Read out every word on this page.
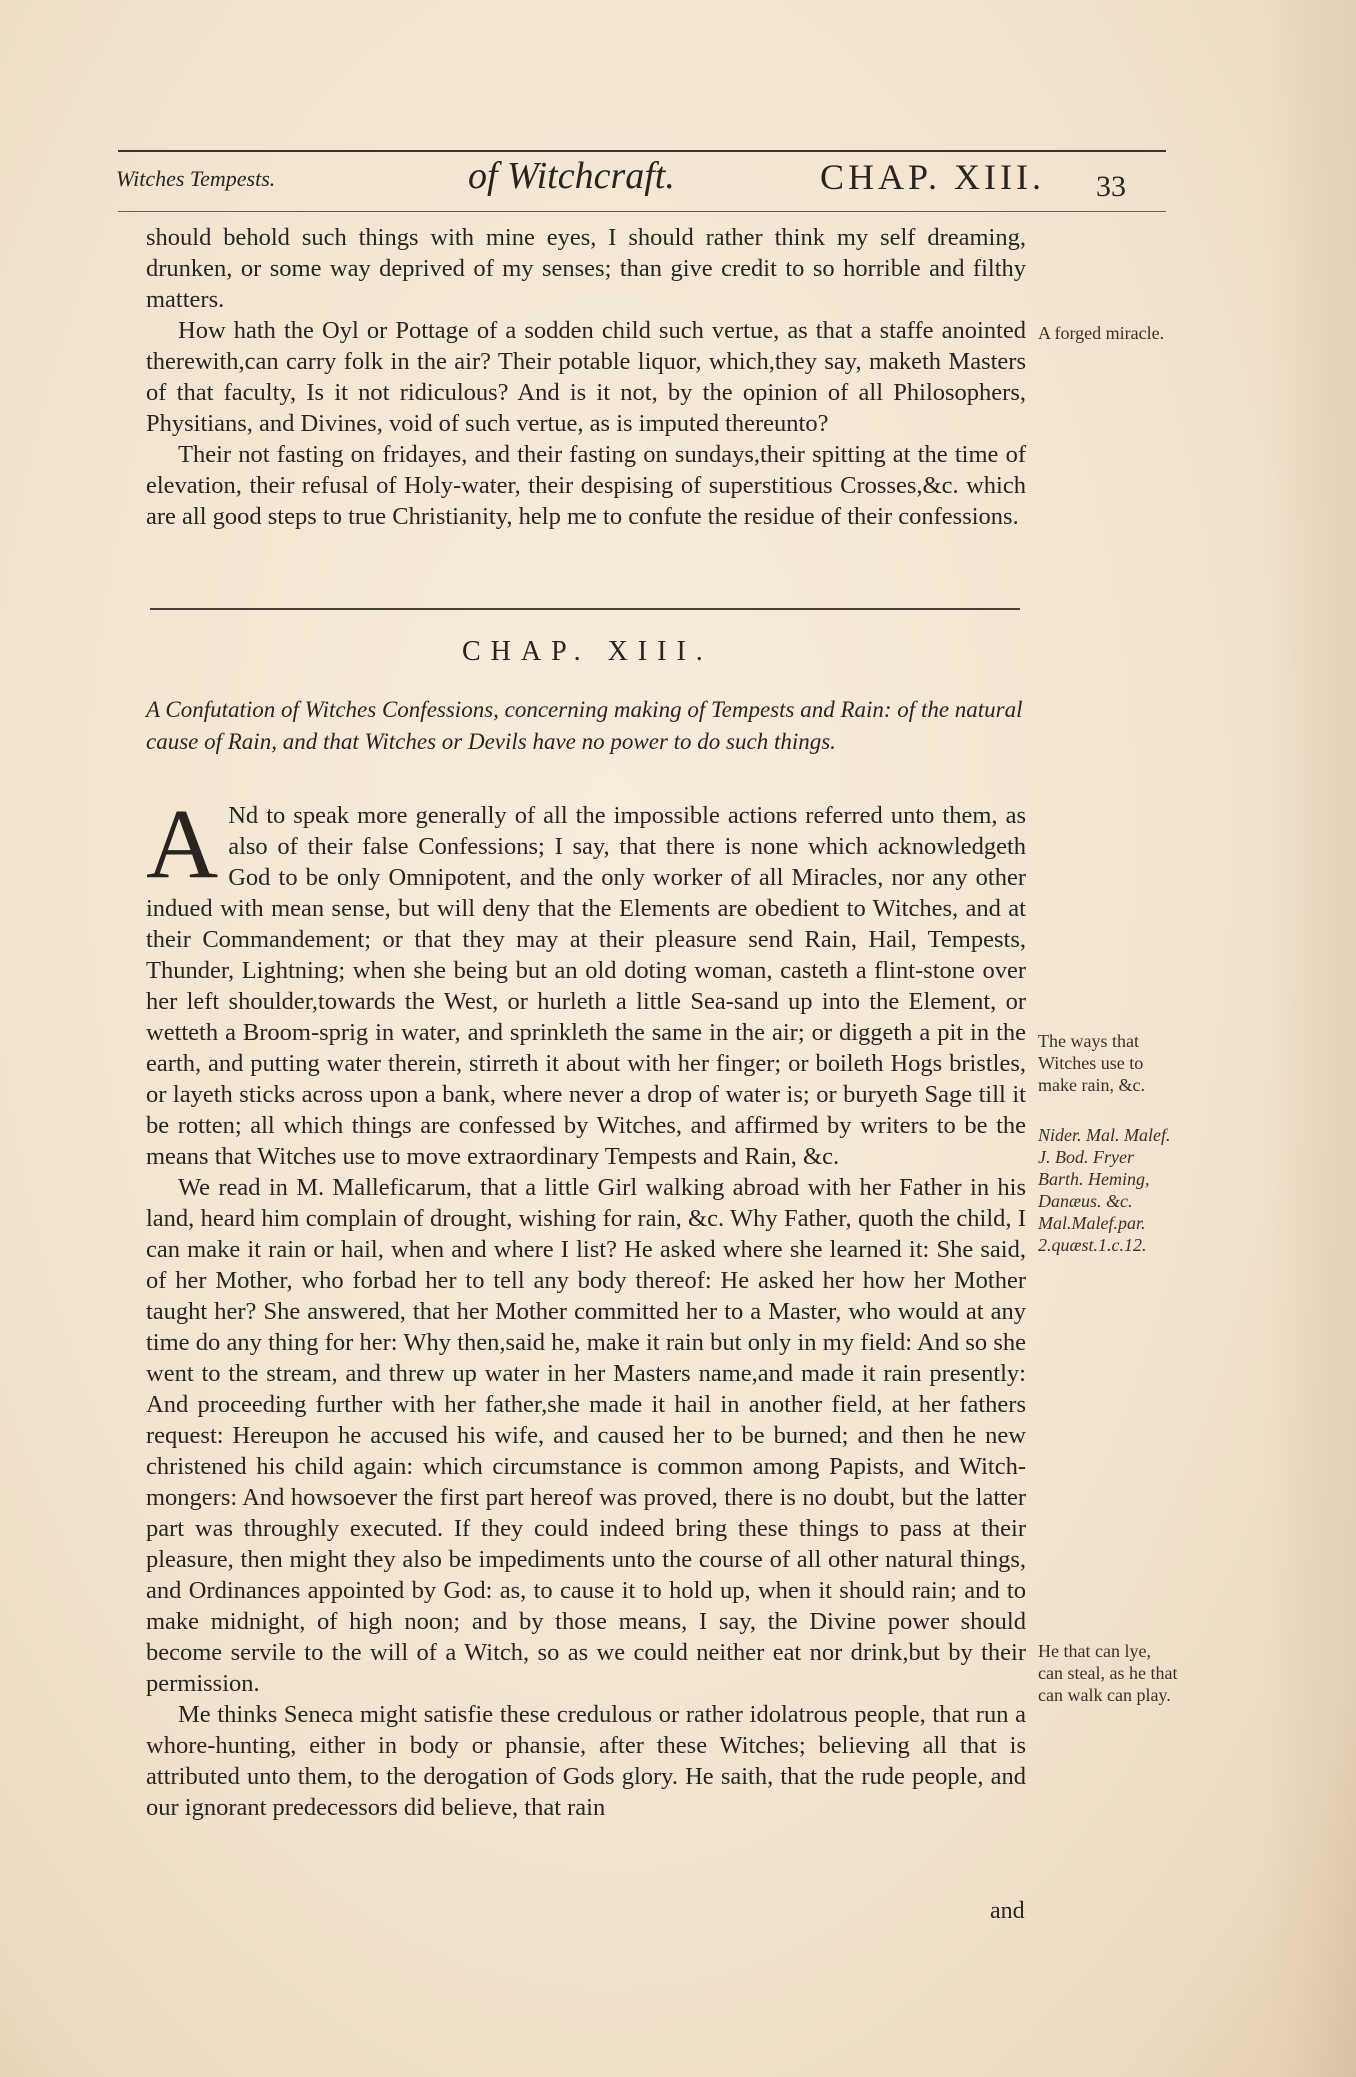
Witches Tempests.	of Witchcraft.	CHAP. XIII. 33

should behold such things with mine eyes, I should rather think my self dreaming, drunken, or some way deprived of my senses; than give credit to so horrible and filthy matters.

How hath the Oyl or Pottage of a sodden child such vertue, as that a staffe anointed therewith,can carry folk in the air? Their potable liquor, which,they say, maketh Masters of that faculty, Is it not ridiculous? And is it not, by the opinion of all Philosophers, Physitians, and Divines, void of such vertue, as is imputed thereunto?

Their not fasting on fridayes, and their fasting on sundays,their spitting at the time of elevation, their refusal of Holy-water, their despising of superstitious Crosses,&c. which are all good steps to true Christianity, help me to confute the residue of their confessions.

CHAP. XIII.
A Confutation of Witches Confessions, concerning making of Tempests and Rain: of the natural cause of Rain, and that Witches or Devils have no power to do such things.

A Nd to speak more generally of all the impossible actions referred unto them, as also of their false Confessions; I say, that there is none which acknowledgeth God to be only Omnipotent, and the only worker of all Miracles, nor any other indued with mean sense, but will deny that the Elements are obedient to Witches, and at their Commandement; or that they may at their pleasure send Rain, Hail, Tempests, Thunder, Lightning; when she being but an old doting woman, casteth a flint-stone over her left shoulder,towards the West, or hurleth a little Sea-sand up into the Element, or wetteth a Broom-sprig in water, and sprinkleth the same in the air; or diggeth a pit in the earth, and putting water therein, stirreth it about with her finger; or boileth Hogs bristles, or layeth sticks across upon a bank, where never a drop of water is; or buryeth Sage till it be rotten; all which things are confessed by Witches, and affirmed by writers to be the means that Witches use to move extraordinary Tempests and Rain, &c.

We read in M. Malleficarum, that a little Girl walking abroad with her Father in his land, heard him complain of drought, wishing for rain, &c. Why Father, quoth the child, I can make it rain or hail, when and where I list? He asked where she learned it: She said, of her Mother, who forbad her to tell any body thereof: He asked her how her Mother taught her? She answered, that her Mother committed her to a Master, who would at any time do any thing for her: Why then,said he, make it rain but only in my field: And so she went to the stream, and threw up water in her Masters name,and made it rain presently: And proceeding further with her father,she made it hail in another field, at her fathers request: Hereupon he accused his wife, and caused her to be burned; and then he new christened his child again: which circumstance is common among Papists, and Witch-mongers: And howsoever the first part hereof was proved, there is no doubt, but the latter part was throughly executed. If they could indeed bring these things to pass at their pleasure, then might they also be impediments unto the course of all other natural things, and Ordinances appointed by God: as, to cause it to hold up, when it should rain; and to make midnight, of high noon; and by those means, I say, the Divine power should become servile to the will of a Witch, so as we could neither eat nor drink,but by their permission.

Me thinks Seneca might satisfie these credulous or rather idolatrous people, that run a whore-hunting, either in body or phansie, after these Witches; believing all that is attributed unto them, to the derogation of Gods glory. He saith, that the rude people, and our ignorant predecessors did believe, that rain

and
A forged miracle.
The ways that Witches use to make rain, &c.
Nider. Mal. Malef. J. Bod. Fryer Barth. Heming, Danæus. &c. Mal.Malef.par. 2.quæst.1.c.12.
He that can lye, can steal, as he that can walk can play.
